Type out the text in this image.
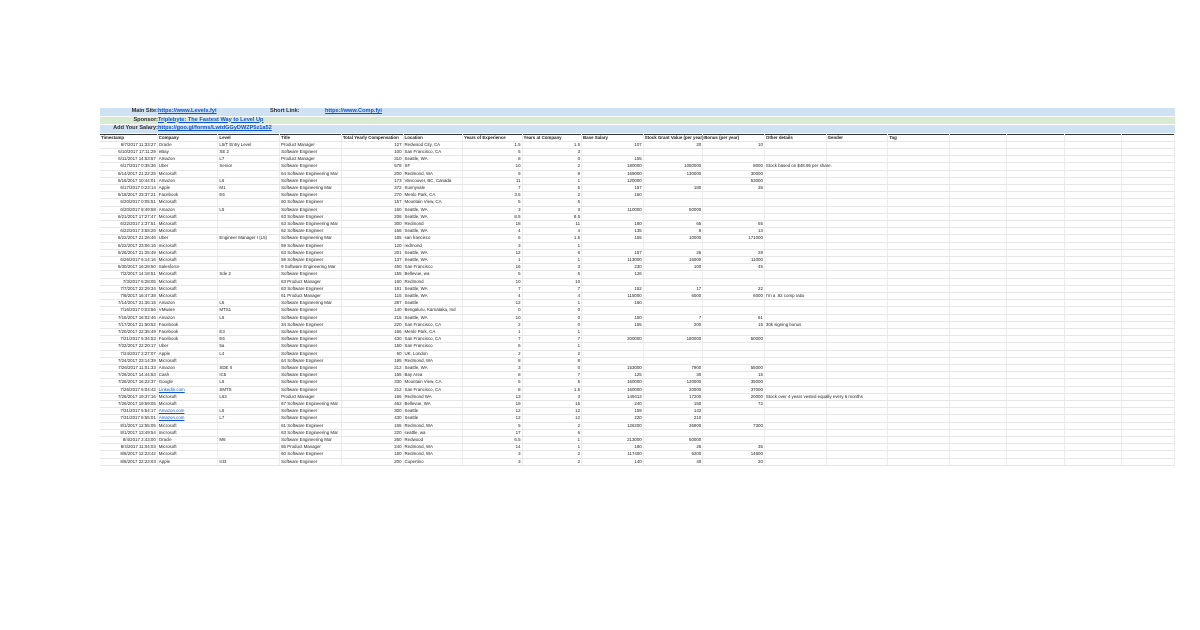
Main Site: https://www.Levels.fyi	Short Link:	https://www.Comp.fyi
Sponsor: Triplebyte: The Fastest Way to Level Up
Add Your Salary: https://goo.gl/forms/LwtdGGyDWZP5z1a52
Timestamp	Company	Level	Title	Total Yearly Compensation	Location	Years of Experience	Years at Company	Base Salary	Stock Grant Value (per year)	Bonus (per year)	Other details	Gender	Tag				
6/7/2017 11:33:27	Oracle	L5/T Entry Level	Product Manager	127	Redwood City, CA	1.5	1.5	107	20	10							
6/10/2017 17:11:29	eBay	SE 2	Software Engineer	100	San Francisco, CA	5	3										
6/11/2017 14:53:57	Amazon	L7	Product Manager	310	Seattle, WA	8	0	155									
6/17/2017 0:35:36	Uber	Senior	Software Engineer	578	SF	10	2	180000	1050000	8000	Stock based on $48.95 per share.						
6/14/2017 21:22:25	Microsoft		64 Software Engineering Mar	200	Redmond, WA	9	9	169000	130000	30000							
6/16/2017 10:44:01	Amazon	L6	Software Engineer	173	Vancouver, BC, Canada	11	1	120000		53000							
6/17/2017 0:23:14	Apple	M1	Software Engineering Mar	372	Sunnyvale	7	5	157	180	35							
6/18/2017 23:37:21	Facebook	E6	Software Engineer	270	Menlo Park, CA	3.5	2	160									
6/20/2017 0:05:51	Microsoft		60 Software Engineer	157	Mountain View, CA	5	5										
6/20/2017 8:49:58	Amazon	L5	Software Engineer	160	Seattle, WA	3	3	110000	50000								
6/21/2017 17:27:47	Microsoft		63 Software Engineer	206	Seattle, WA	8.5	8.5										
6/22/2017 2:37:51	Microsoft		63 Software Engineering Mar	300	Redmond	18	11	180	65	55							
6/22/2017 3:55:26	Microsoft		62 Software Engineer	156	Seattle, WA	4	4	135	8	13							
6/22/2017 21:26:46	Uber	Engineer Manager I (L5)	Software Engineering Mar	165	san francisco	6	1.5	165	10000	171000							
6/22/2017 23:06:16	microsoft		59 Software Engineer	120	redmond	3	1										
6/26/2017 21:25:49	Microsoft		63 Software Engineer	201	Seattle, WA	12	6	157	26	28							
6/26/2017 6:14:16	Microsoft		59 Software Engineer	137	Seattle, WA	1	1	113000	16000	11000							
6/30/2017 16:28:50	Salesforce		9 Software Engineering Mar	450	San Francisco	16	3	230	100	45							
7/2/2017 14:18:51	Microsoft	Sde 2	Software Engineer	155	Bellevue, wa	5	5	126									
7/3/2017 6:28:05	Microsoft		63 Product Manager	160	Redmond	10	10										
7/7/2017 22:29:34	Microsoft		63 Software Engineer	191	Seattle, WA	7	7	152	17	22							
7/8/2017 16:47:38	Microsoft		61 Product Manager	115	Seattle, WA	4	4	115000	6000	6000	I'm a .92 comp ratio						
7/14/2017 21:36:15	Amazon	L6	Software Engineering Mar	287	Seattle	12	1	160									
7/16/2017 0:03:56	VMware	MTS1	Software Engineer	140	Bengaluru, Karnataka, Ind	0	0										
7/16/2017 16:02:46	Amazon	L5	Software Engineer	216	Seattle, WA	10	0	150	7	61							
7/17/2017 21:50:52	Facebook		34 Software Engineer	220	San Francisco, CA	2	0	155	200	15	30k signing bonus						
7/20/2017 22:35:49	Facebook	E3	Software Engineer	166	Menlo Park, CA	1	1										
7/21/2017 5:34:53	Facebook	E6	Software Engineer	430	San Francisco, CA	7	7	200000	180000	50000							
7/22/2017 22:20:17	Uber	5a	Software Engineer	150	San Francisco	6	1										
7/24/2017 2:27:07	Apple	L4	Software Engineer	50	UK, London	2	2										
7/24/2017 23:14:39	Microsoft		64 Software Engineer	195	Redmond, WA	8	8										
7/26/2017 11:01:33	Amazon	SDE II	Software Engineer	212	Seattle, WA	3	0	153000	7900	55000							
7/26/2017 14:44:53	Cash	IC5	Software Engineer	155	Bay Area	8	7	125	30	15							
7/26/2017 16:22:37	Google	L5	Software Engineer	330	Mountain View, CA	5	5	160000	120000	35000							
7/26/2017 5:04:42	Linkedin.com	SMTS	Software Engineer	212	San Francisco, CA	8	1.5	160000	20000	37000							
7/26/2017 19:37:16	Microsoft	L63	Product Manager	166	Redmond WA	13	3	149413	17200	20000	Stock over 4 years vested equally every 6 months						
7/26/2017 19:59:05	Microsoft		67 Software Engineering Mar	462	Bellevue, WA	19	15	240	150	72							
7/31/2017 5:54:17	Amazon.com	L6	Software Engineer	300	Seattle	12	12	159	142								
7/31/2017 5:55:01	Amazon.com	L7	Software Engineer	430	Seattle	12	12	220	210								
8/1/2017 12:55:05	Microsoft		61 Software Engineer	165	Redmond, WA	5	2	126200	26900	7300							
8/1/2017 13:49:54	microsoft		63 Software Engineering Mar	220	seattle, wa	17	6										
8/4/2017 2:43:00	Oracle	M6	Software Engineering Mar	260	Redwood	6.5	1	213000	50000								
8/4/2017 11:04:03	Microsoft		65 Product Manager	240	Redmond, WA	14	1	180	25	35							
8/8/2017 12:23:42	Microsoft		60 Software Engineer	150	Redmond, WA	3	2	117400	6200	14600							
8/8/2017 22:23:03	Apple	Ict3	Software Engineer	200	Cupertino	3	2	140	40	20							
